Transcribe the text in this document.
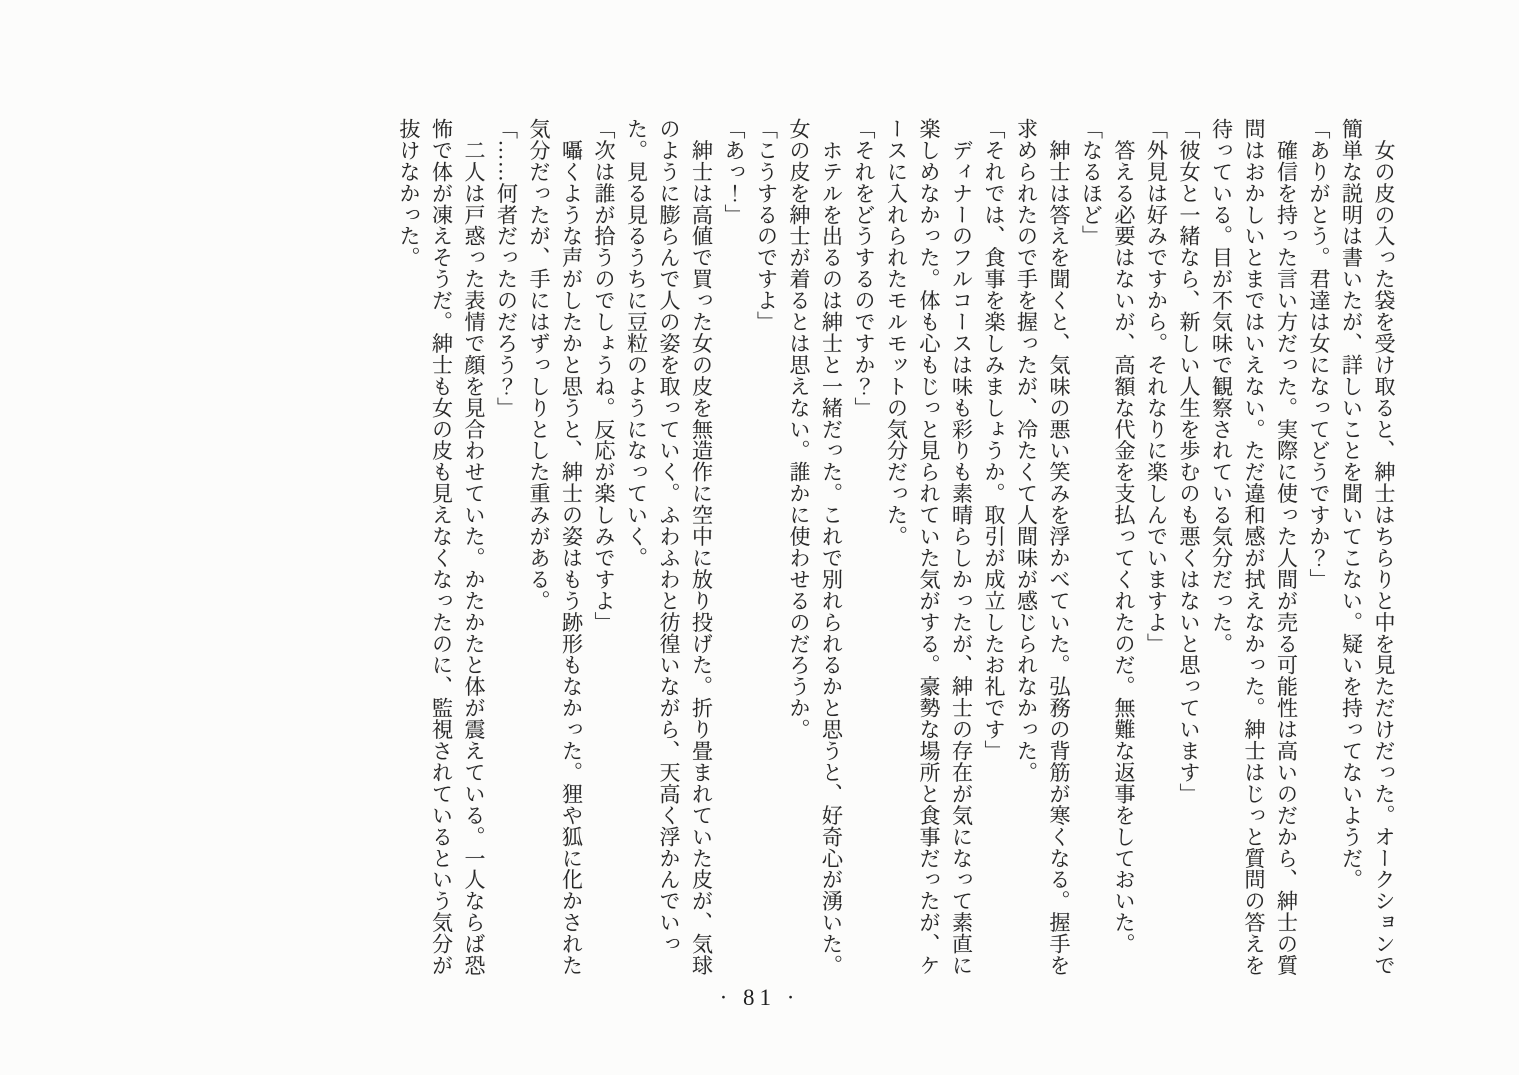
　女の皮の入った袋を受け取ると、紳士はちらりと中を見ただけだった。オークションで簡単な説明は書いたが、詳しいことを聞いてこない。疑いを持ってないようだ。

「ありがとう。君達は女になってどうですか？」

　確信を持った言い方だった。実際に使った人間が売る可能性は高いのだから、紳士の質問はおかしいとまではいえない。ただ違和感が拭えなかった。紳士はじっと質問の答えを待っている。目が不気味で観察されている気分だった。

「彼女と一緒なら、新しい人生を歩むのも悪くはないと思っています」

「外見は好みですから。それなりに楽しんでいますよ」

　答える必要はないが、高額な代金を支払ってくれたのだ。無難な返事をしておいた。

「なるほど」

　紳士は答えを聞くと、気味の悪い笑みを浮かべていた。弘務の背筋が寒くなる。握手を求められたので手を握ったが、冷たくて人間味が感じられなかった。

「それでは、食事を楽しみましょうか。取引が成立したお礼です」

　ディナーのフルコースは味も彩りも素晴らしかったが、紳士の存在が気になって素直に楽しめなかった。体も心もじっと見られていた気がする。豪勢な場所と食事だったが、ケースに入れられたモルモットの気分だった。

「それをどうするのですか？」

　ホテルを出るのは紳士と一緒だった。これで別れられるかと思うと、好奇心が湧いた。女の皮を紳士が着るとは思えない。誰かに使わせるのだろうか。

「こうするのですよ」

「あっ！」

　紳士は高値で買った女の皮を無造作に空中に放り投げた。折り畳まれていた皮が、気球のように膨らんで人の姿を取っていく。ふわふわと彷徨いながら、天高く浮かんでいった。見る見るうちに豆粒のようになっていく。

「次は誰が拾うのでしょうね。反応が楽しみですよ」

　囁くような声がしたかと思うと、紳士の姿はもう跡形もなかった。狸や狐に化かされた気分だったが、手にはずっしりとした重みがある。

「……何者だったのだろう？」

　二人は戸惑った表情で顔を見合わせていた。かたかたと体が震えている。一人ならば恐怖で体が凍えそうだ。紳士も女の皮も見えなくなったのに、監視されているという気分が抜けなかった。

· 81 ·
